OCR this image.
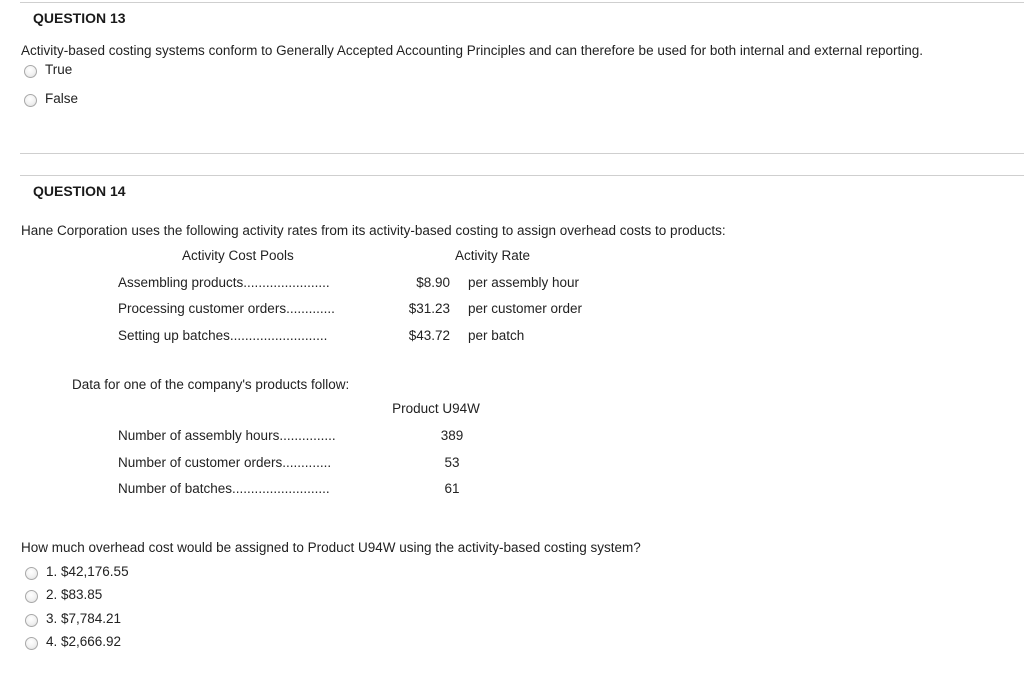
QUESTION 13
Activity-based costing systems conform to Generally Accepted Accounting Principles and can therefore be used for both internal and external reporting.
True
False
QUESTION 14
Hane Corporation uses the following activity rates from its activity-based costing to assign overhead costs to products:
Activity Cost Pools	Activity Rate
Assembling products.......................	$8.90 per assembly hour
Processing customer orders.............	$31.23 per customer order
Setting up batches..........................	$43.72 per batch
Data for one of the company's products follow:
Product U94W
Number of assembly hours...............	389
Number of customer orders.............	53
Number of batches..........................	61
How much overhead cost would be assigned to Product U94W using the activity-based costing system?
1. $42,176.55
2. $83.85
3. $7,784.21
4. $2,666.92
